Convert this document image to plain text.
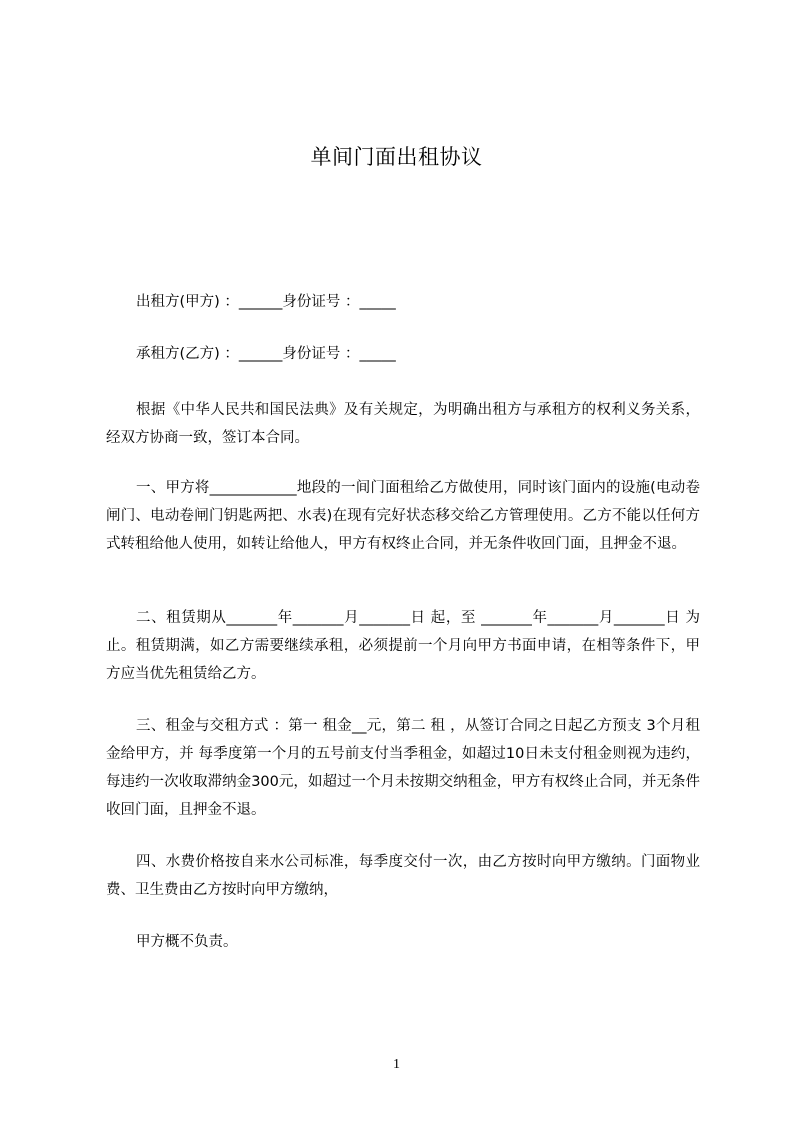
单间门面出租协议

出租方(甲方) ：______身份证号 ：_____

承租方(乙方) ：______身份证号 ：_____

根据《中华人民共和国民法典》及有关规定，为明确出租方与承租方的权利义务关系，经双方协商一致，签订本合同。

一、甲方将____________地段的一间门面租给乙方做使用，同时该门面内的设施(电动卷闸门、电动卷闸门钥匙两把、水表)在现有完好状态移交给乙方管理使用。乙方不能以任何方式转租给他人使用，如转让给他人，甲方有权终止合同，并无条件收回门面，且押金不退。

二、租赁期从_______年_______月_______日 起，至 _______年_______月_______日 为止。租赁期满，如乙方需要继续承租，必须提前一个月向甲方书面申请，在相等条件下，甲方应当优先租赁给乙方。

三、租金与交租方式 ：第一 租金__元，第二 租 ，从签订合同之日起乙方预支 3个月租金给甲方，并 每季度第一个月的五号前支付当季租金，如超过10日未支付租金则视为违约，每违约一次收取滞纳金300元，如超过一个月未按期交纳租金，甲方有权终止合同，并无条件收回门面，且押金不退。

四、水费价格按自来水公司标准，每季度交付一次，由乙方按时向甲方缴纳。门面物业费、卫生费由乙方按时向甲方缴纳，

甲方概不负责。

1
